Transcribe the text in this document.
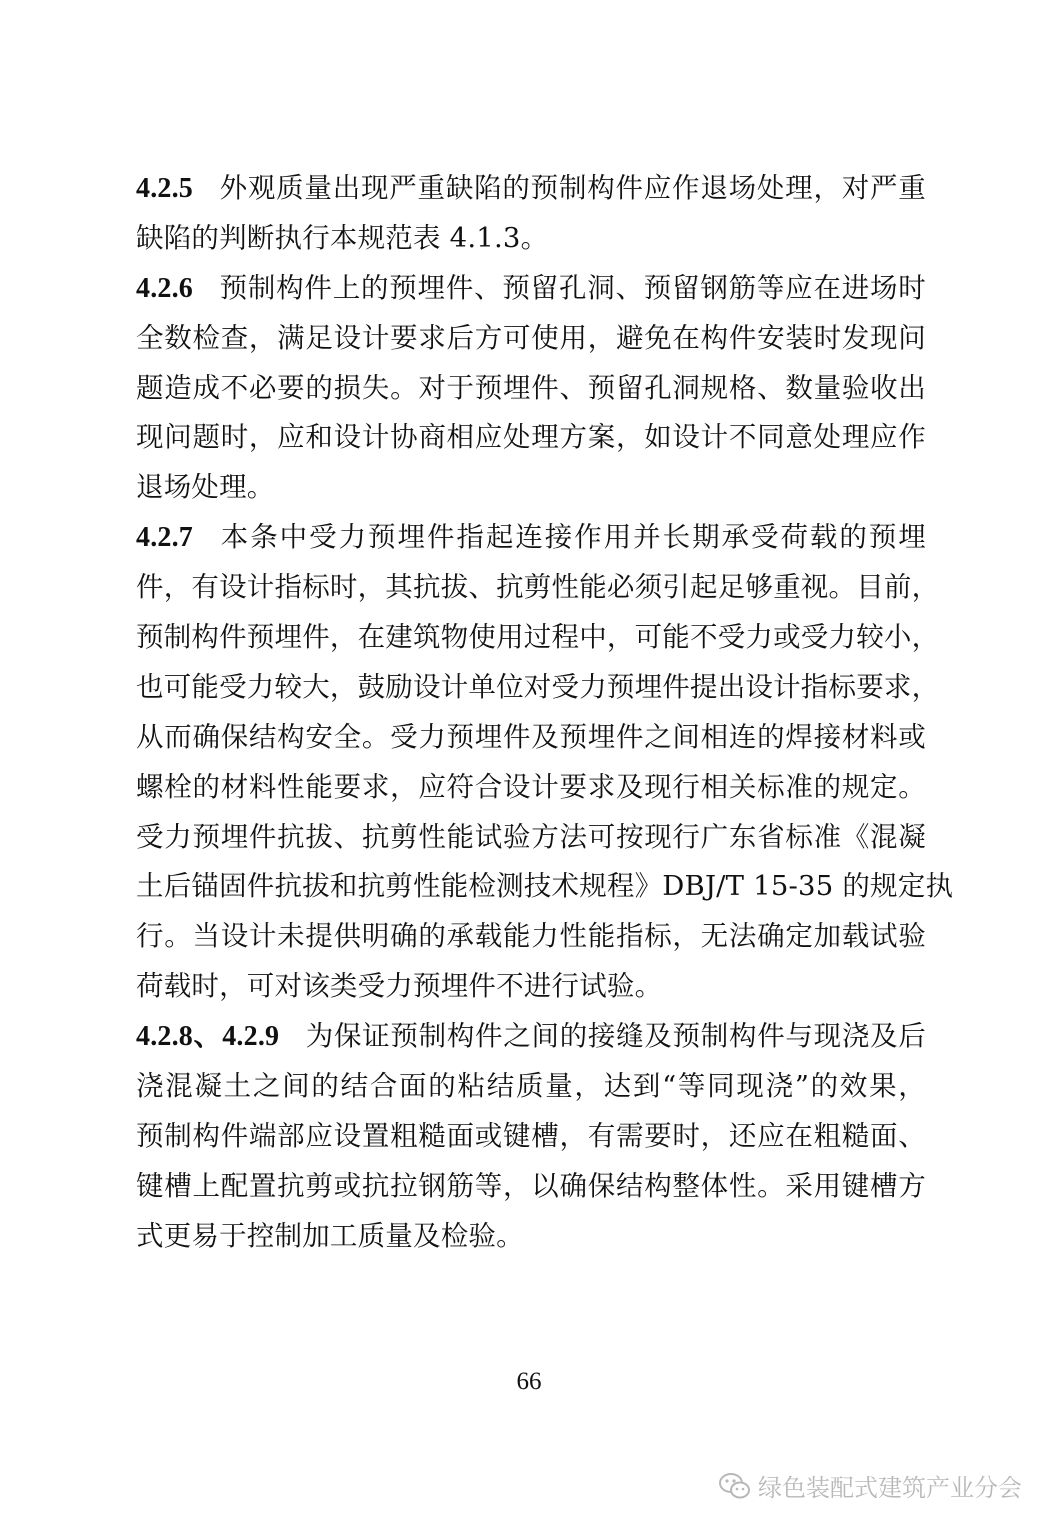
4.2.5 外观质量出现严重缺陷的预制构件应作退场处理，对严重
缺陷的判断执行本规范表 4.1.3。
4.2.6 预制构件上的预埋件、预留孔洞、预留钢筋等应在进场时
全数检查，满足设计要求后方可使用，避免在构件安装时发现问
题造成不必要的损失。对于预埋件、预留孔洞规格、数量验收出
现问题时，应和设计协商相应处理方案，如设计不同意处理应作
退场处理。
4.2.7 本条中受力预埋件指起连接作用并长期承受荷载的预埋
件，有设计指标时，其抗拔、抗剪性能必须引起足够重视。目前，
预制构件预埋件，在建筑物使用过程中，可能不受力或受力较小，
也可能受力较大，鼓励设计单位对受力预埋件提出设计指标要求，
从而确保结构安全。受力预埋件及预埋件之间相连的焊接材料或
螺栓的材料性能要求，应符合设计要求及现行相关标准的规定。
受力预埋件抗拔、抗剪性能试验方法可按现行广东省标准《混凝
土后锚固件抗拔和抗剪性能检测技术规程》DBJ/T 15-35 的规定执
行。当设计未提供明确的承载能力性能指标，无法确定加载试验
荷载时，可对该类受力预埋件不进行试验。
4.2.8、4.2.9 为保证预制构件之间的接缝及预制构件与现浇及后
浇混凝土之间的结合面的粘结质量，达到“等同现浇”的效果，
预制构件端部应设置粗糙面或键槽，有需要时，还应在粗糙面、
键槽上配置抗剪或抗拉钢筋等，以确保结构整体性。采用键槽方
式更易于控制加工质量及检验。
66
绿色装配式建筑产业分会
